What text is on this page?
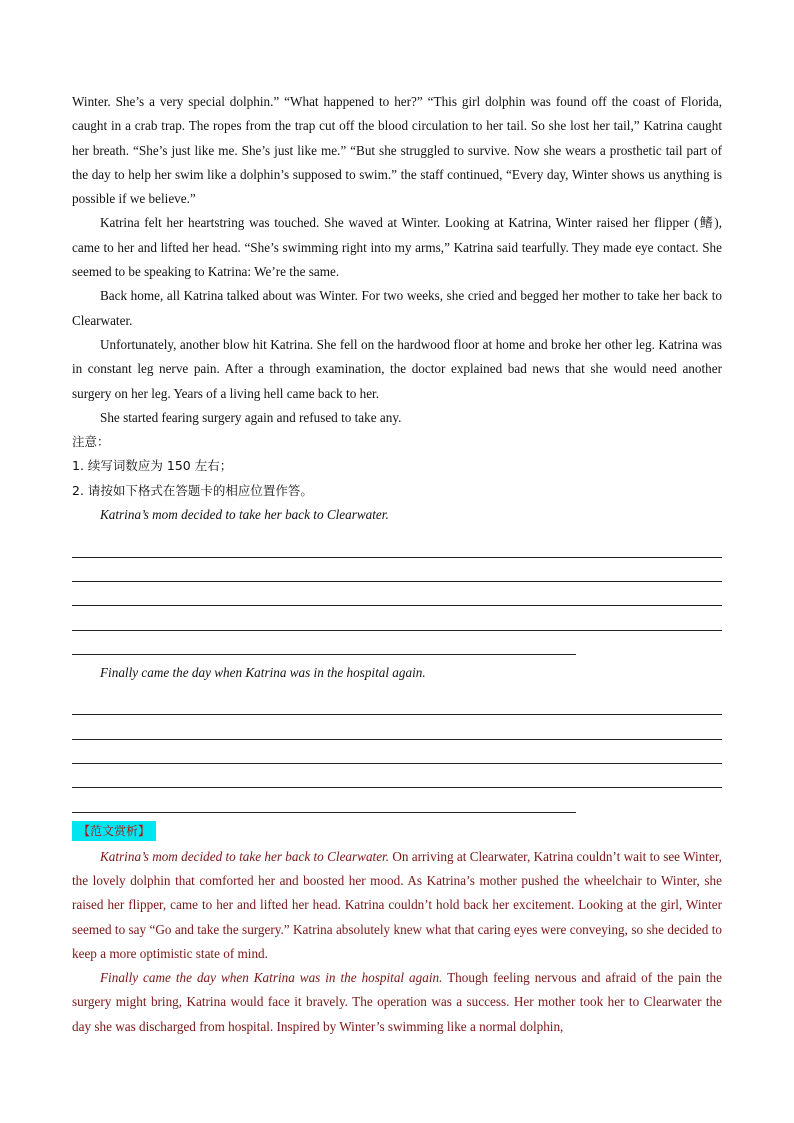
Winter. She’s a very special dolphin.” “What happened to her?” “This girl dolphin was found off the coast of Florida, caught in a crab trap. The ropes from the trap cut off the blood circulation to her tail. So she lost her tail,” Katrina caught her breath. “She’s just like me. She’s just like me.” “But she struggled to survive. Now she wears a prosthetic tail part of the day to help her swim like a dolphin’s supposed to swim.” the staff continued, “Every day, Winter shows us anything is possible if we believe.”

Katrina felt her heartstring was touched. She waved at Winter. Looking at Katrina, Winter raised her flipper (鳍), came to her and lifted her head. “She’s swimming right into my arms,” Katrina said tearfully. They made eye contact. She seemed to be speaking to Katrina: We’re the same.

Back home, all Katrina talked about was Winter. For two weeks, she cried and begged her mother to take her back to Clearwater.

Unfortunately, another blow hit Katrina. She fell on the hardwood floor at home and broke her other leg. Katrina was in constant leg nerve pain. After a through examination, the doctor explained bad news that she would need another surgery on her leg. Years of a living hell came back to her.

She started fearing surgery again and refused to take any.

注意：
1. 续写词数应为 150 左右；
2. 请按如下格式在答题卡的相应位置作答。
Katrina’s mom decided to take her back to Clearwater.
Finally came the day when Katrina was in the hospital again.
【范文赏析】

Katrina’s mom decided to take her back to Clearwater. On arriving at Clearwater, Katrina couldn’t wait to see Winter, the lovely dolphin that comforted her and boosted her mood. As Katrina’s mother pushed the wheelchair to Winter, she raised her flipper, came to her and lifted her head. Katrina couldn’t hold back her excitement. Looking at the girl, Winter seemed to say “Go and take the surgery.” Katrina absolutely knew what that caring eyes were conveying, so she decided to keep a more optimistic state of mind.

Finally came the day when Katrina was in the hospital again. Though feeling nervous and afraid of the pain the surgery might bring, Katrina would face it bravely. The operation was a success. Her mother took her to Clearwater the day she was discharged from hospital. Inspired by Winter’s swimming like a normal dolphin,
